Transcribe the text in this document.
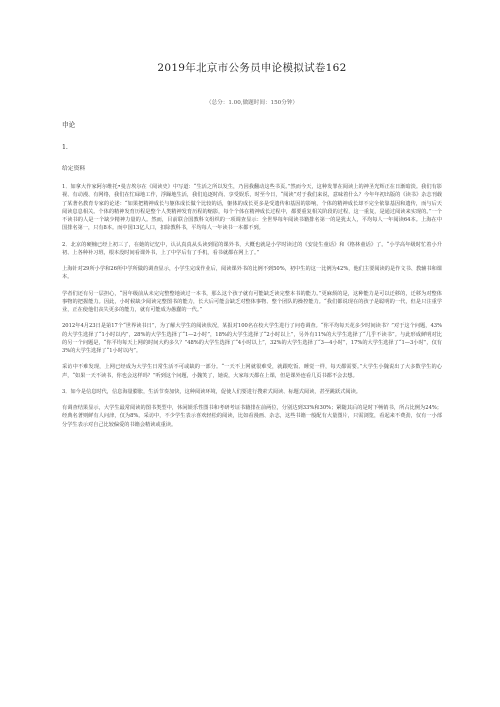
2019年北京市公务员申论模拟试卷162
（总分：1.00,做题时间：150分钟）
申论
1.
给定资料
1．如拿大作家阿尔维托•曼吉埃尔在《阅读史》中写道：“生活之所以发生，乃因我翻动这些书页。”然而今天，这种发罪在阅读上的神圣光辉正在日渐暗淡。我们有影视、有动漫、有网络，我们在忙碌地工作，浮躁地生活，我们追逐时尚、享受娱乐，时至今日，“阅读”对于我们来说，意味着什么？今年年初出版的《读书》杂志刊载了某著名教育专家的论述：“如果把精神成长与躯体成长做个比较的话，躯体的成长更多是受遗传和基因的影响，个体的精神成长却不完全依靠基因和遗传，而与后天阅读息息相关。个体的精神发育历程是整个人类精神发育历程的缩影，每个个体在精神成长过程中，都要重复相关阶段的过程，这一重复，是通过阅读来实现的。”一个不读书的人是一个缺少精神力量的人。然而，目前联合国教科文组织的一项调查显示：全世界每年阅读书籍排名第一的是犹太人，平均每人一年阅读64本。上海在中国排名第一，只有8本。而中国13亿人口，扣除教科书，平均每人一年读书一本都不到。
2．北京的硬楠已经上初三了，在她的记忆中，认认真真从头读到尾的课外书，大概也就是小学时读过的《安徒生童话》和《格林童话》了。“小学高年级时忙着小升初、上各种补习班，根本没时间看课外书，上了中学后有了手机，看书就都在网上了。”
上海针对29所小学和26所中学所做的调查显示，小学生完成作业后，阅读课外书的比例不到50%，初中生的这一比例为42%，他们主要阅读的是作文书、教辅书和课本。
学者们还有另一层担心，“因年级前从未完完整整地读过一本书，那么这个孩子就有可能缺乏读完整本书的能力。”更麻烦的是，这种能力是可以迁移的，迁移为对整体事物的把握能力。因此，小时候缺少阅读完整图书的能力，长大后可能会缺乏对整体事物、整个团队的操控能力。“我们都说现在的孩子是聪明的一代，但是只注重学业，正在使他们丧失更多的能力，就有可能成为愚蠢的一代。”
2012年4月23日是第17个“世界读书日”，为了解大学生的阅读状况，某报对100名在校大学生进行了问卷调查。“你平均每天花多少时间读书？”对于这个问题，43%的大学生选择了“1小时以内”，28%的大学生选择了“1—2小时”，18%的大学生选择了“2小时以上”，另外有11%的大学生选择了“几乎不读书”。与此形成鲜明对比的另一个问题是，“你平均每天上网的时间大约多久？”48%的大学生选择了“4小时以上”，32%的大学生选择了“3—4小时”，17%的大学生选择了“1—3小时”，仅有3%的大学生选择了“1小时以内”。
采访中不难发现，上网已经成为大学生日常生活不可或缺的一部分。“一天不上网就很难受，就跟吃饭、睡觉一样，每天都需要。”大学生小魏说出了大多数学生的心声，“如果一天不读书，你也会这样吗？”听到这个问题，小魏笑了，她说，大家每天都在上课，但是课外连看几页书都不会去想。
3．如今是信息时代，信息海量膨胀，生活节奏加快，这种阅读环境，促使人们要进行搜索式阅读、标题式阅读，甚至跳跃式阅读。
有调查结果显示，大学生最常阅读的图书类型中，休闲娱乐性图书和考研考证书籍排在前两位，分别达到33%和30%；紧随其后的是时下畅销书，所占比例为24%；经典名著则鲜有人问津，仅为8%。采访中，不少学生表示喜欢轻松的阅读，比如看漫画、杂志，这些书籍一般配有大量图片，只需浏览，看起来不费劲，仅有一小部分学生表示对自己比较偏爱的书籍会精读或重读。
